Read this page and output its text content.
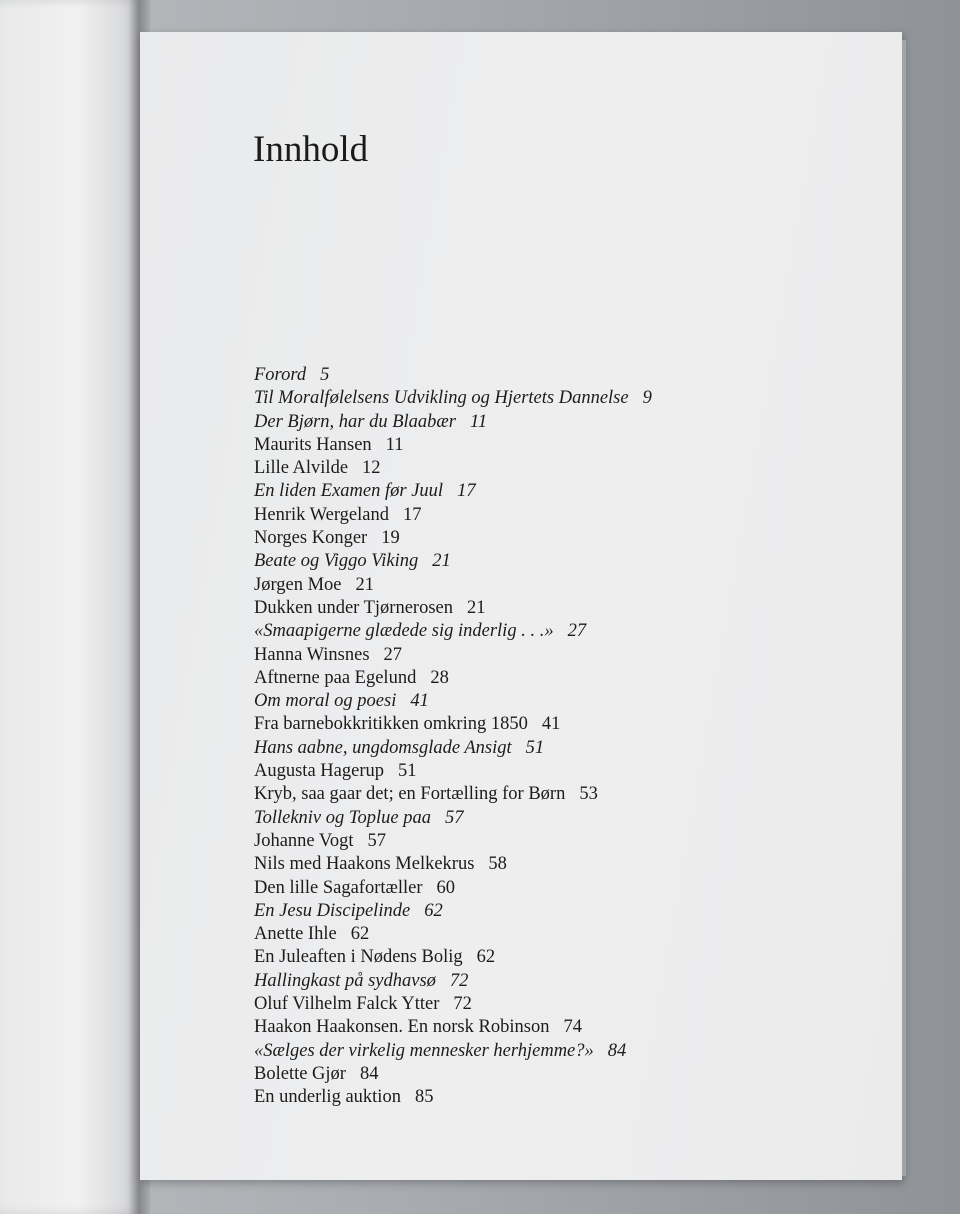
Innhold
Forord 5
Til Moralfølelsens Udvikling og Hjertets Dannelse 9
Der Bjørn, har du Blaabær 11
Maurits Hansen 11
Lille Alvilde 12
En liden Examen før Juul 17
Henrik Wergeland 17
Norges Konger 19
Beate og Viggo Viking 21
Jørgen Moe 21
Dukken under Tjørnerosen 21
«Smaapigerne glædede sig inderlig . . .» 27
Hanna Winsnes 27
Aftnerne paa Egelund 28
Om moral og poesi 41
Fra barnebokkritikken omkring 1850 41
Hans aabne, ungdomsglade Ansigt 51
Augusta Hagerup 51
Kryb, saa gaar det; en Fortælling for Børn 53
Tollekniv og Toplue paa 57
Johanne Vogt 57
Nils med Haakons Melkekrus 58
Den lille Sagafortæller 60
En Jesu Discipelinde 62
Anette Ihle 62
En Juleaften i Nødens Bolig 62
Hallingkast på sydhavsø 72
Oluf Vilhelm Falck Ytter 72
Haakon Haakonsen. En norsk Robinson 74
«Sælges der virkelig mennesker herhjemme?» 84
Bolette Gjør 84
En underlig auktion 85
